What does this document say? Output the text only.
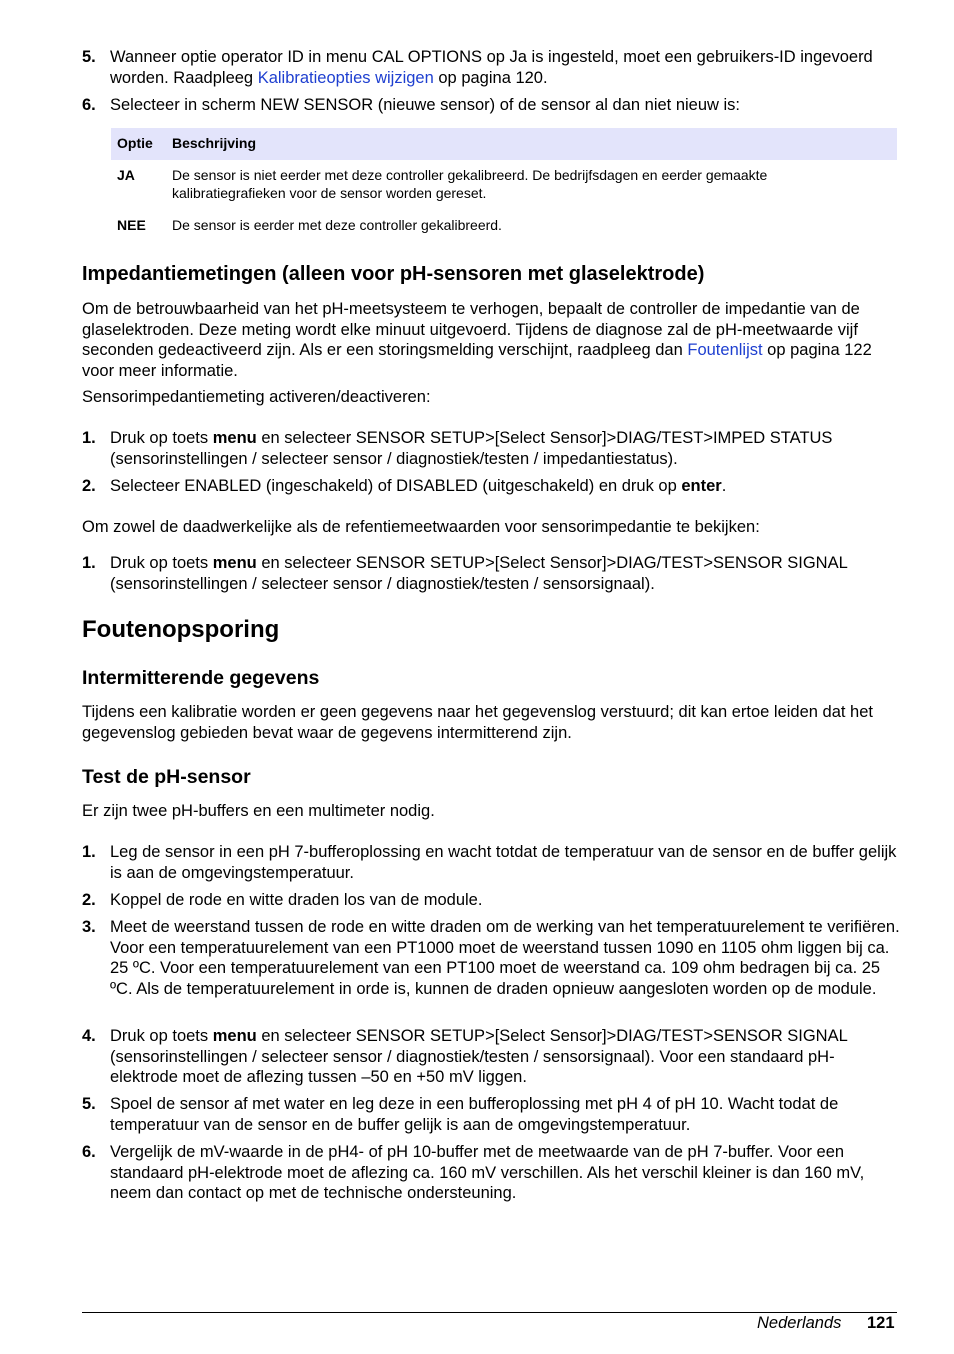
5. Wanneer optie operator ID in menu CAL OPTIONS op Ja is ingesteld, moet een gebruikers-ID ingevoerd worden. Raadpleeg Kalibratieopties wijzigen op pagina 120.
6. Selecteer in scherm NEW SENSOR (nieuwe sensor) of de sensor al dan niet nieuw is:
Optie Beschrijving
JA	De sensor is niet eerder met deze controller gekalibreerd. De bedrijfsdagen en eerder gemaakte
kalibratiegrafieken voor de sensor worden gereset.
NEE De sensor is eerder met deze controller gekalibreerd.
Impedantiemetingen (alleen voor pH-sensoren met glaselektrode)
Om de betrouwbaarheid van het pH-meetsysteem te verhogen, bepaalt de controller de impedantie van de glaselektroden. Deze meting wordt elke minuut uitgevoerd. Tijdens de diagnose zal de pH-meetwaarde vijf seconden gedeactiveerd zijn. Als er een storingsmelding verschijnt, raadpleeg dan Foutenlijst op pagina 122 voor meer informatie.
Sensorimpedantiemeting activeren/deactiveren:
1. Druk op toets menu en selecteer SENSOR SETUP>[Select Sensor]>DIAG/TEST>IMPED STATUS (sensorinstellingen / selecteer sensor / diagnostiek/testen / impedantiestatus).
2. Selecteer ENABLED (ingeschakeld) of DISABLED (uitgeschakeld) en druk op enter.
Om zowel de daadwerkelijke als de refentiemeetwaarden voor sensorimpedantie te bekijken:
1. Druk op toets menu en selecteer SENSOR SETUP>[Select Sensor]>DIAG/TEST>SENSOR SIGNAL (sensorinstellingen / selecteer sensor / diagnostiek/testen / sensorsignaal).
Foutenopsporing
Intermitterende gegevens
Tijdens een kalibratie worden er geen gegevens naar het gegevenslog verstuurd; dit kan ertoe leiden dat het gegevenslog gebieden bevat waar de gegevens intermitterend zijn.
Test de pH-sensor
Er zijn twee pH-buffers en een multimeter nodig.
1. Leg de sensor in een pH 7-bufferoplossing en wacht totdat de temperatuur van de sensor en de buffer gelijk is aan de omgevingstemperatuur.
2. Koppel de rode en witte draden los van de module.
3. Meet de weerstand tussen de rode en witte draden om de werking van het temperatuurelement te verifiëren. Voor een temperatuurelement van een PT1000 moet de weerstand tussen 1090 en 1105 ohm liggen bij ca. 25 ºC. Voor een temperatuurelement van een PT100 moet de weerstand ca. 109 ohm bedragen bij ca. 25 ºC. Als de temperatuurelement in orde is, kunnen de draden opnieuw aangesloten worden op de module.
4. Druk op toets menu en selecteer SENSOR SETUP>[Select Sensor]>DIAG/TEST>SENSOR SIGNAL (sensorinstellingen / selecteer sensor / diagnostiek/testen / sensorsignaal). Voor een standaard pH-elektrode moet de aflezing tussen –50 en +50 mV liggen.
5. Spoel de sensor af met water en leg deze in een bufferoplossing met pH 4 of pH 10. Wacht todat de temperatuur van de sensor en de buffer gelijk is aan de omgevingstemperatuur.
6. Vergelijk de mV-waarde in de pH4- of pH 10-buffer met de meetwaarde van de pH 7-buffer. Voor een standaard pH-elektrode moet de aflezing ca. 160 mV verschillen. Als het verschil kleiner is dan 160 mV, neem dan contact op met de technische ondersteuning.
Nederlands 121
